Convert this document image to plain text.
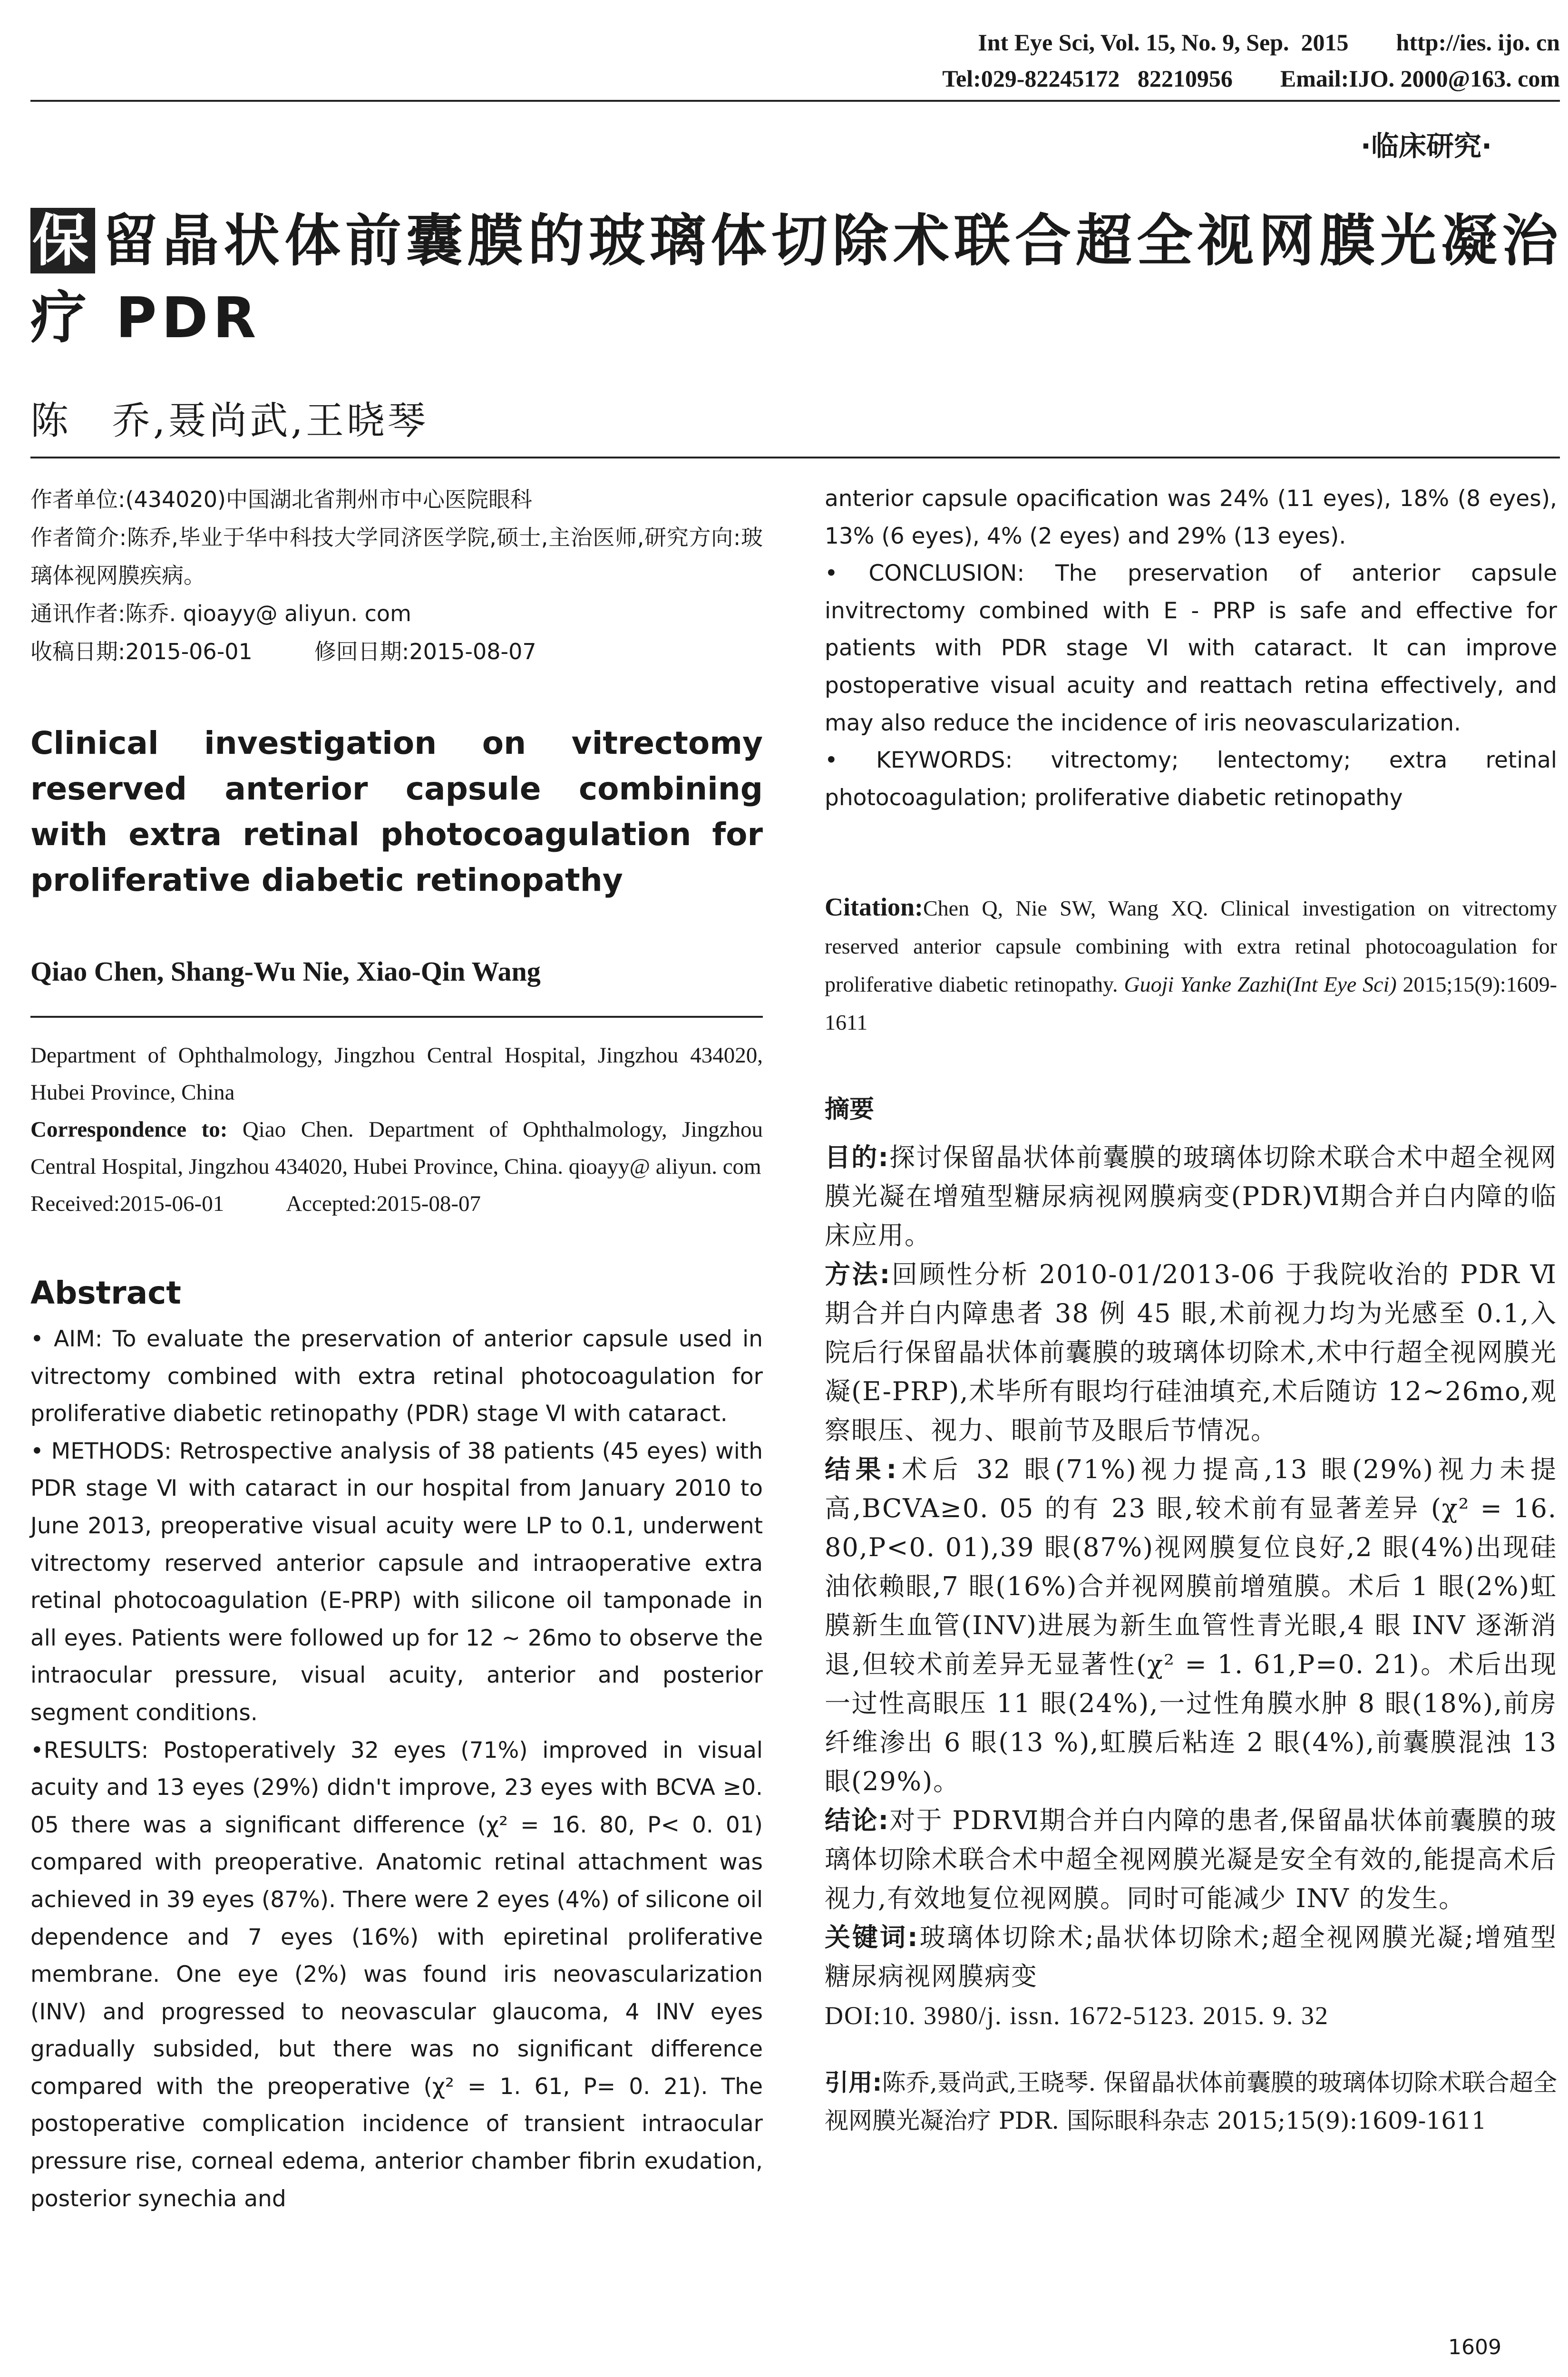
Int Eye Sci, Vol. 15, No. 9, Sep.  2015        http://ies. ijo. cn
Tel:029-82245172   82210956        Email:IJO. 2000@163. com
·临床研究·
保 留晶状体前囊膜的玻璃体切除术联合超全视网膜光凝治疗 PDR
陈　乔,聂尚武,王晓琴
作者单位:(434020)中国湖北省荆州市中心医院眼科
作者简介:陈乔,毕业于华中科技大学同济医学院,硕士,主治医师,研究方向:玻璃体视网膜疾病。
通讯作者:陈乔. qioayy@ aliyun. com
收稿日期:2015-06-01	修回日期:2015-08-07
Clinical investigation on vitrectomy reserved anterior capsule combining with extra retinal photocoagulation for proliferative diabetic retinopathy
Qiao Chen, Shang-Wu Nie, Xiao-Qin Wang
Department of Ophthalmology, Jingzhou Central Hospital, Jingzhou 434020, Hubei Province, China
Correspondence to: Qiao Chen. Department of Ophthalmology, Jingzhou Central Hospital, Jingzhou 434020, Hubei Province, China. qioayy@ aliyun. com
Received:2015-06-01	Accepted:2015-08-07
Abstract

• AIM: To evaluate the preservation of anterior capsule used in vitrectomy combined with extra retinal photocoagulation for proliferative diabetic retinopathy (PDR) stage Ⅵ with cataract.

• METHODS: Retrospective analysis of 38 patients (45 eyes) with PDR stage Ⅵ with cataract in our hospital from January 2010 to June 2013, preoperative visual acuity were LP to 0.1, underwent vitrectomy reserved anterior capsule and intraoperative extra retinal photocoagulation (E-PRP) with silicone oil tamponade in all eyes. Patients were followed up for 12 ~ 26mo to observe the intraocular pressure, visual acuity, anterior and posterior segment conditions.

•RESULTS: Postoperatively 32 eyes (71%) improved in visual acuity and 13 eyes (29%) didn't improve, 23 eyes with BCVA ≥0. 05 there was a significant difference (χ² = 16. 80, P< 0. 01) compared with preoperative. Anatomic retinal attachment was achieved in 39 eyes (87%). There were 2 eyes (4%) of silicone oil dependence and 7 eyes (16%) with epiretinal proliferative membrane. One eye (2%) was found iris neovascularization (INV) and progressed to neovascular glaucoma, 4 INV eyes gradually subsided, but there was no significant difference compared with the preoperative (χ² = 1. 61, P= 0. 21). The postoperative complication incidence of transient intraocular pressure rise, corneal edema, anterior chamber fibrin exudation, posterior synechia and

anterior capsule opacification was 24% (11 eyes), 18% (8 eyes), 13% (6 eyes), 4% (2 eyes) and 29% (13 eyes).

• CONCLUSION: The preservation of anterior capsule invitrectomy combined with E - PRP is safe and effective for patients with PDR stage VI with cataract. It can improve postoperative visual acuity and reattach retina effectively, and may also reduce the incidence of iris neovascularization.

• KEYWORDS: vitrectomy; lentectomy; extra retinal photocoagulation; proliferative diabetic retinopathy

Citation:Chen Q, Nie SW, Wang XQ. Clinical investigation on vitrectomy reserved anterior capsule combining with extra retinal photocoagulation for proliferative diabetic retinopathy. Guoji Yanke Zazhi(Int Eye Sci) 2015;15(9):1609-1611
摘要

目的:探讨保留晶状体前囊膜的玻璃体切除术联合术中超全视网膜光凝在增殖型糖尿病视网膜病变(PDR)Ⅵ期合并白内障的临床应用。

方法:回顾性分析 2010-01/2013-06 于我院收治的 PDR Ⅵ期合并白内障患者 38 例 45 眼,术前视力均为光感至 0.1,入院后行保留晶状体前囊膜的玻璃体切除术,术中行超全视网膜光凝(E-PRP),术毕所有眼均行硅油填充,术后随访 12~26mo,观察眼压、视力、眼前节及眼后节情况。

结果:术后 32 眼(71%)视力提高,13 眼(29%)视力未提高,BCVA≥0. 05 的有 23 眼,较术前有显著差异 (χ² = 16. 80,P<0. 01),39 眼(87%)视网膜复位良好,2 眼(4%)出现硅油依赖眼,7 眼(16%)合并视网膜前增殖膜。术后 1 眼(2%)虹膜新生血管(INV)进展为新生血管性青光眼,4 眼 INV 逐渐消退,但较术前差异无显著性(χ² = 1. 61,P=0. 21)。术后出现一过性高眼压 11 眼(24%),一过性角膜水肿 8 眼(18%),前房纤维渗出 6 眼(13 %),虹膜后粘连 2 眼(4%),前囊膜混浊 13 眼(29%)。

结论:对于 PDRⅥ期合并白内障的患者,保留晶状体前囊膜的玻璃体切除术联合术中超全视网膜光凝是安全有效的,能提高术后视力,有效地复位视网膜。同时可能减少 INV 的发生。

关键词:玻璃体切除术;晶状体切除术;超全视网膜光凝;增殖型糖尿病视网膜病变

DOI:10. 3980/j. issn. 1672-5123. 2015. 9. 32

引用:陈乔,聂尚武,王晓琴. 保留晶状体前囊膜的玻璃体切除术联合超全视网膜光凝治疗 PDR. 国际眼科杂志 2015;15(9):1609-1611
1609
